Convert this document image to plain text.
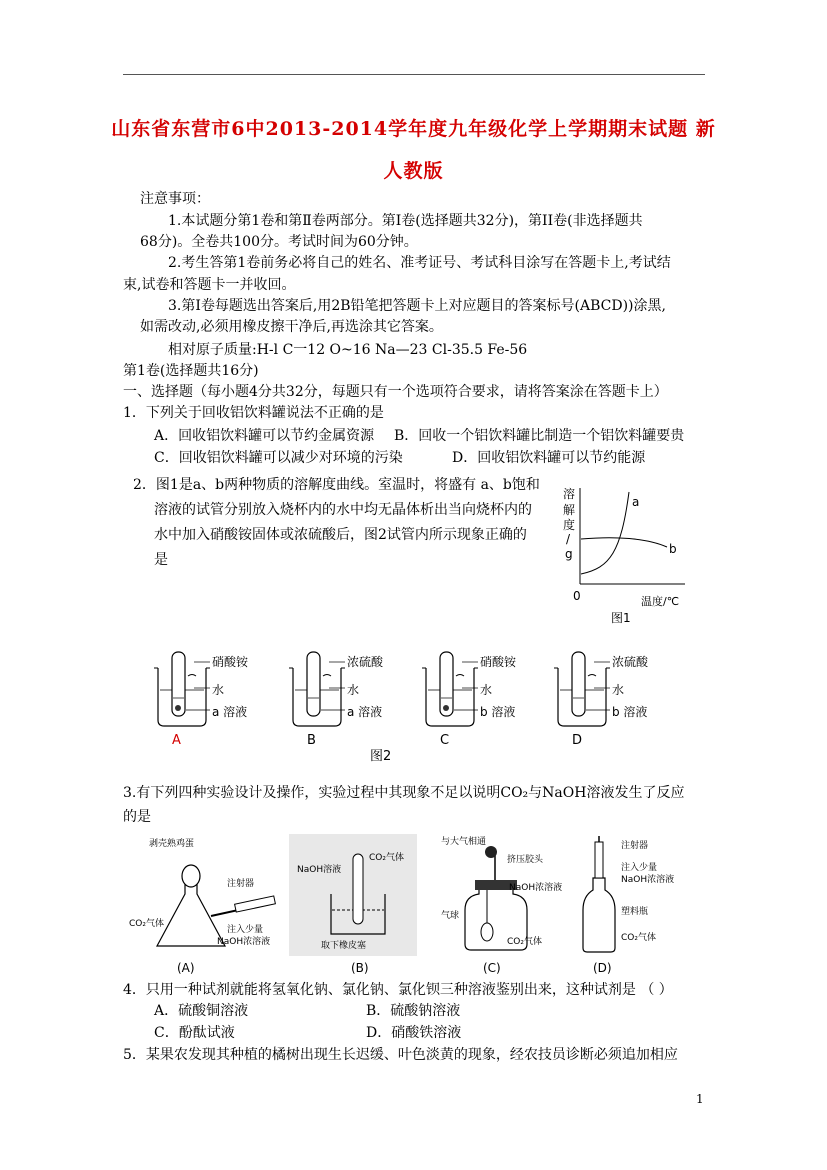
山东省东营市6中2013-2014学年度九年级化学上学期期末试题 新
人教版
注意事项：
1.本试题分第1卷和第Ⅱ卷两部分。第Ⅰ卷(选择题共32分)，第ⅠⅠ卷(非选择题共
68分)。全卷共100分。考试时间为60分钟。
2.考生答第1卷前务必将自己的姓名、准考证号、考试科目涂写在答题卡上,考试结
束,试卷和答题卡一并收回。
3.第Ⅰ卷每题选出答案后,用2B铅笔把答题卡上对应题目的答案标号(ABCD))涂黑,
如需改动,必须用橡皮擦干净后,再选涂其它答案。
相对原子质量:H-l C一12 O~16 Na—23 Cl-35.5 Fe-56
第1卷(选择题共16分)
一、选择题（每小题4分共32分，每题只有一个选项符合要求，请将答案涂在答题卡上）
1．下列关于回收铝饮料罐说法不正确的是
A．回收铝饮料罐可以节约金属资源 B．回收一个铝饮料罐比制造一个铝饮料罐要贵
C．回收铝饮料罐可以减少对环境的污染	D．回收铝饮料罐可以节约能源
2．图1是a、b两种物质的溶解度曲线。室温时，将盛有 a、b饱和
溶液的试管分别放入烧杯内的水中均无晶体析出当向烧杯内的
水中加入硝酸铵固体或浓硫酸后，图2试管内所示现象正确的
是
溶
解
度
/
g
a
b
0	温度/℃
图1
硝酸铵
水
a 溶液
A
浓硫酸
水
a 溶液
B
硝酸铵
水
b 溶液
C
浓硫酸
水
b 溶液
D
图2
3.有下列四种实验设计及操作，实验过程中其现象不足以说明CO₂与NaOH溶液发生了反应
的是
剥壳熟鸡蛋
注射器
CO₂气体
注入少量
NaOH浓溶液
(A)
NaOH溶液
CO₂气体
取下橡皮塞
(B)
与大气相通
挤压胶头
NaOH浓溶液
气球
CO₂气体
(C)
注射器
注入少量
NaOH浓溶液
塑料瓶
CO₂气体
(D)
4．只用一种试剂就能将氢氧化钠、氯化钠、氯化钡三种溶液鉴别出来，这种试剂是 （ ）
A．硫酸铜溶液	B．硫酸钠溶液
C．酚酞试液	D．硝酸铁溶液
5．某果农发现其种植的橘树出现生长迟缓、叶色淡黄的现象，经农技员诊断必须追加相应
1
